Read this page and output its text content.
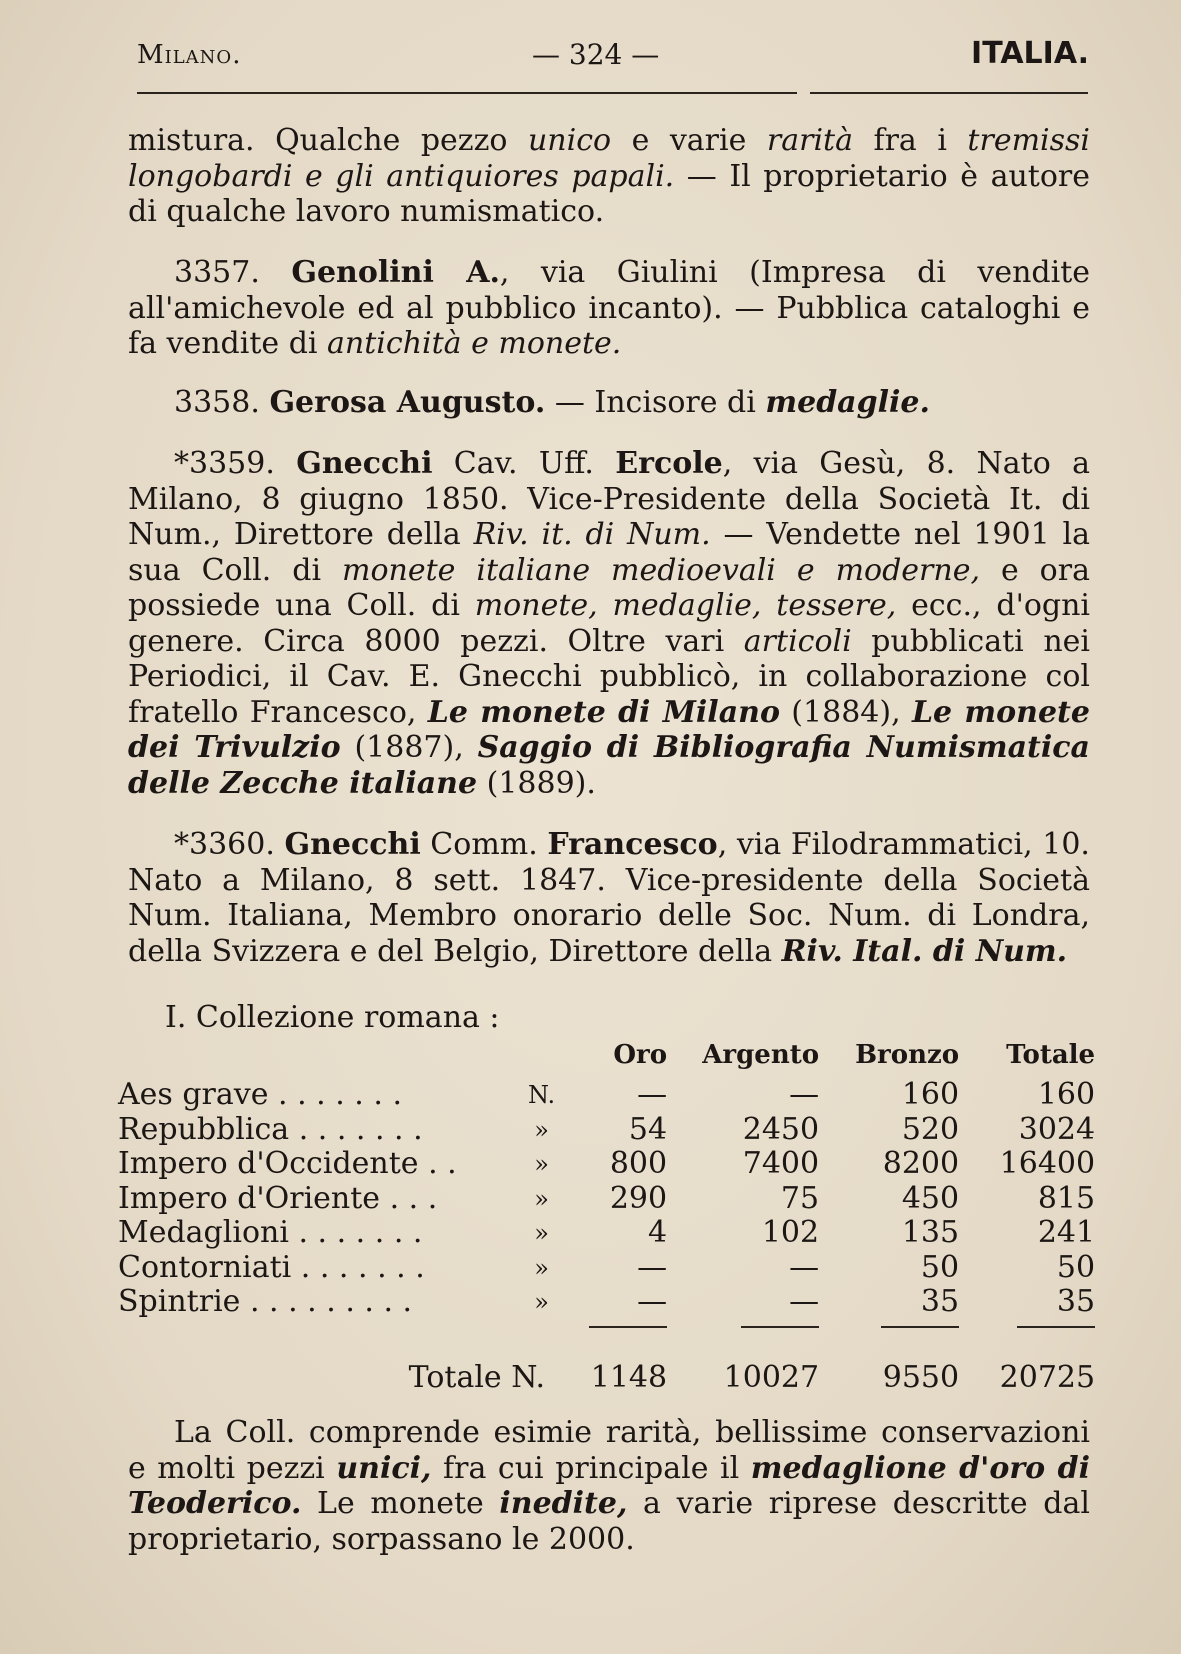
Milano.	— 324 —	ITALIA.
mistura. Qualche pezzo unico e varie rarità fra i tremissi longobardi e gli antiquiores papali. — Il proprietario è autore di qualche lavoro numismatico.
3357. Genolini A., via Giulini (Impresa di vendite all'amichevole ed al pubblico incanto). — Pubblica cataloghi e fa vendite di antichità e monete.
3358. Gerosa Augusto. — Incisore di medaglie.
*3359. Gnecchi Cav. Uff. Ercole, via Gesù, 8. Nato a Milano, 8 giugno 1850. Vice-Presidente della Società It. di Num., Direttore della Riv. it. di Num. — Vendette nel 1901 la sua Coll. di monete italiane medioevali e moderne, e ora possiede una Coll. di monete, medaglie, tessere, ecc., d'ogni genere. Circa 8000 pezzi. Oltre vari articoli pubblicati nei Periodici, il Cav. E. Gnecchi pubblicò, in collaborazione col fratello Francesco, Le monete di Milano (1884), Le monete dei Trivulzio (1887), Saggio di Bibliografia Numismatica delle Zecche italiane (1889).
*3360. Gnecchi Comm. Francesco, via Filodrammatici, 10. Nato a Milano, 8 sett. 1847. Vice-presidente della Società Num. Italiana, Membro onorario delle Soc. Num. di Londra, della Svizzera e del Belgio, Direttore della Riv. Ital. di Num.
I. Collezione romana :
		Oro	Argento	Bronzo	Totale
Aes grave . . . . . . .	N.	—	—	160	160
Repubblica . . . . . . .	»	54	2450	520	3024
Impero d'Occidente . .	»	800	7400	8200	16400
Impero d'Oriente . . .	»	290	75	450	815
Medaglioni . . . . . . .	»	4	102	135	241
Contorniati . . . . . . .	»	—	—	50	50
Spintrie . . . . . . . . .	»	—	—	35	35

Totale N.		1148	10027	9550	20725
La Coll. comprende esimie rarità, bellissime conservazioni e molti pezzi unici, fra cui principale il medaglione d'oro di Teoderico. Le monete inedite, a varie riprese descritte dal proprietario, sorpassano le 2000.
